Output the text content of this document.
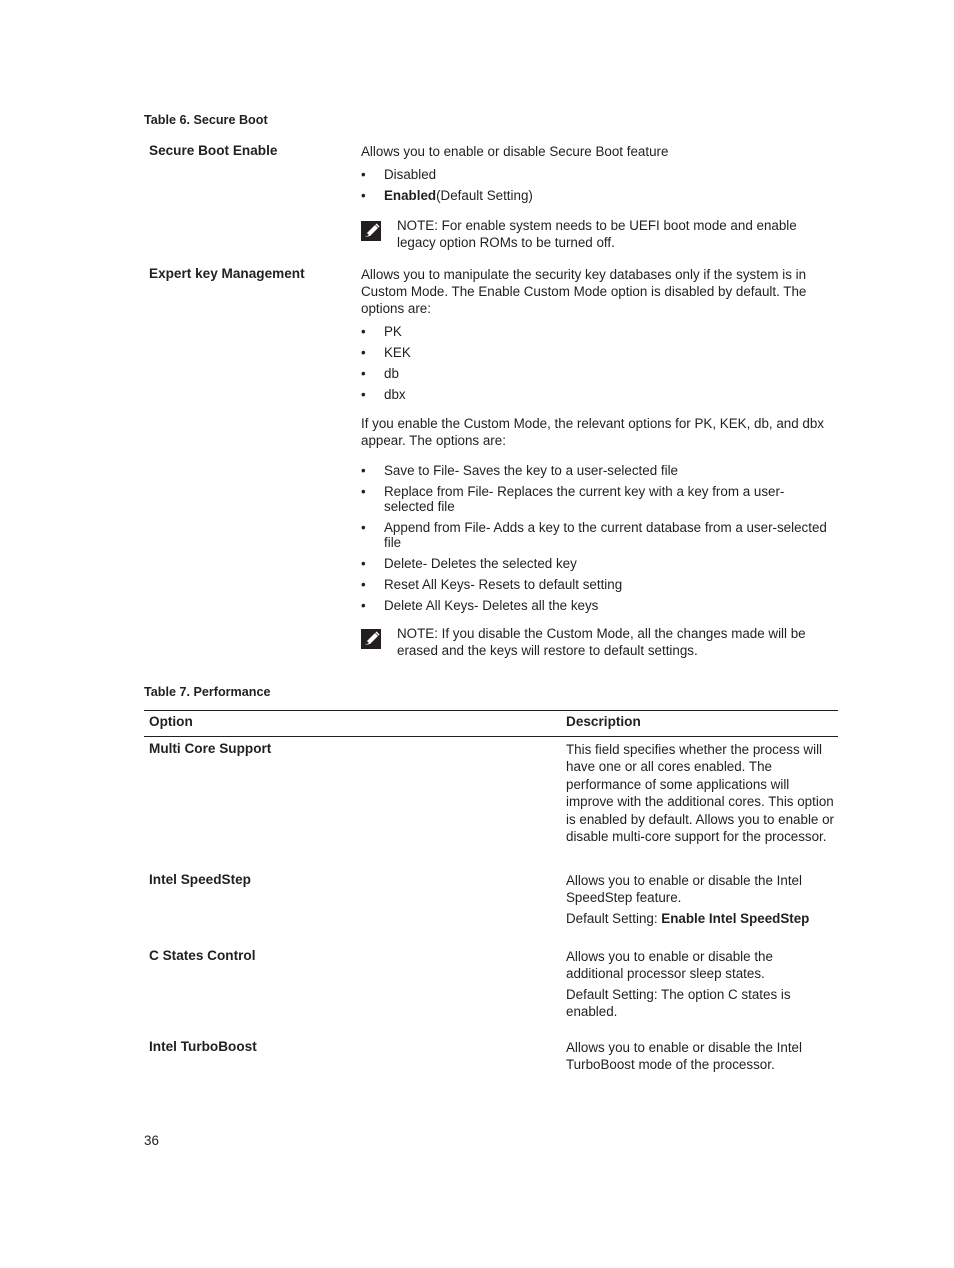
Table 6. Secure Boot
Secure Boot Enable	Allows you to enable or disable Secure Boot feature
• Disabled
• Enabled(Default Setting)
NOTE: For enable system needs to be UEFI boot mode and enable legacy option ROMs to be turned off.
Expert key Management	Allows you to manipulate the security key databases only if the system is in Custom Mode. The Enable Custom Mode option is disabled by default. The options are:
• PK
• KEK
• db
• dbx
If you enable the Custom Mode, the relevant options for PK, KEK, db, and dbx appear. The options are:
• Save to File- Saves the key to a user-selected file
• Replace from File- Replaces the current key with a key from a user-selected file
• Append from File- Adds a key to the current database from a user-selected file
• Delete- Deletes the selected key
• Reset All Keys- Resets to default setting
• Delete All Keys- Deletes all the keys
NOTE: If you disable the Custom Mode, all the changes made will be erased and the keys will restore to default settings.
Table 7. Performance
Option	Description
Multi Core Support	This field specifies whether the process will have one or all cores enabled. The performance of some applications will improve with the additional cores. This option is enabled by default. Allows you to enable or disable multi-core support for the processor.
Intel SpeedStep	Allows you to enable or disable the Intel SpeedStep feature.
Default Setting: Enable Intel SpeedStep
C States Control	Allows you to enable or disable the additional processor sleep states.
Default Setting: The option C states is enabled.
Intel TurboBoost	Allows you to enable or disable the Intel TurboBoost mode of the processor.
36
